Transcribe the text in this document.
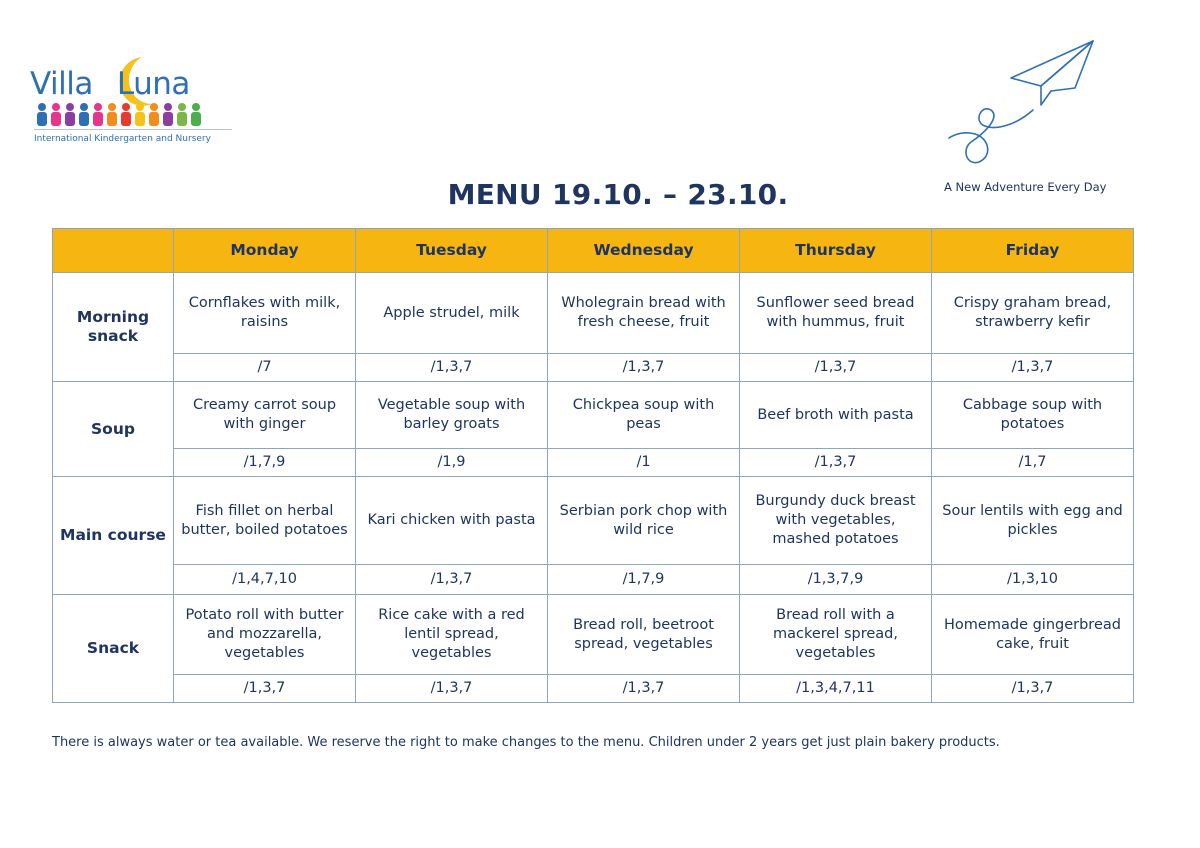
Villa Luna
International Kindergarten and Nursery
A New Adventure Every Day
MENU 19.10. – 23.10.
	Monday	Tuesday	Wednesday	Thursday	Friday
Morning snack	Cornflakes with milk, raisins	Apple strudel, milk	Wholegrain bread with fresh cheese, fruit	Sunflower seed bread with hummus, fruit	Crispy graham bread, strawberry kefir
	/7	/1,3,7	/1,3,7	/1,3,7	/1,3,7
Soup	Creamy carrot soup with ginger	Vegetable soup with barley groats	Chickpea soup with peas	Beef broth with pasta	Cabbage soup with potatoes
	/1,7,9	/1,9	/1	/1,3,7	/1,7
Main course	Fish fillet on herbal butter, boiled potatoes	Kari chicken with pasta	Serbian pork chop with wild rice	Burgundy duck breast with vegetables, mashed potatoes	Sour lentils with egg and pickles
	/1,4,7,10	/1,3,7	/1,7,9	/1,3,7,9	/1,3,10
Snack	Potato roll with butter and mozzarella, vegetables	Rice cake with a red lentil spread, vegetables	Bread roll, beetroot spread, vegetables	Bread roll with a mackerel spread, vegetables	Homemade gingerbread cake, fruit
	/1,3,7	/1,3,7	/1,3,7	/1,3,4,7,11	/1,3,7
There is always water or tea available. We reserve the right to make changes to the menu. Children under 2 years get just plain bakery products.
